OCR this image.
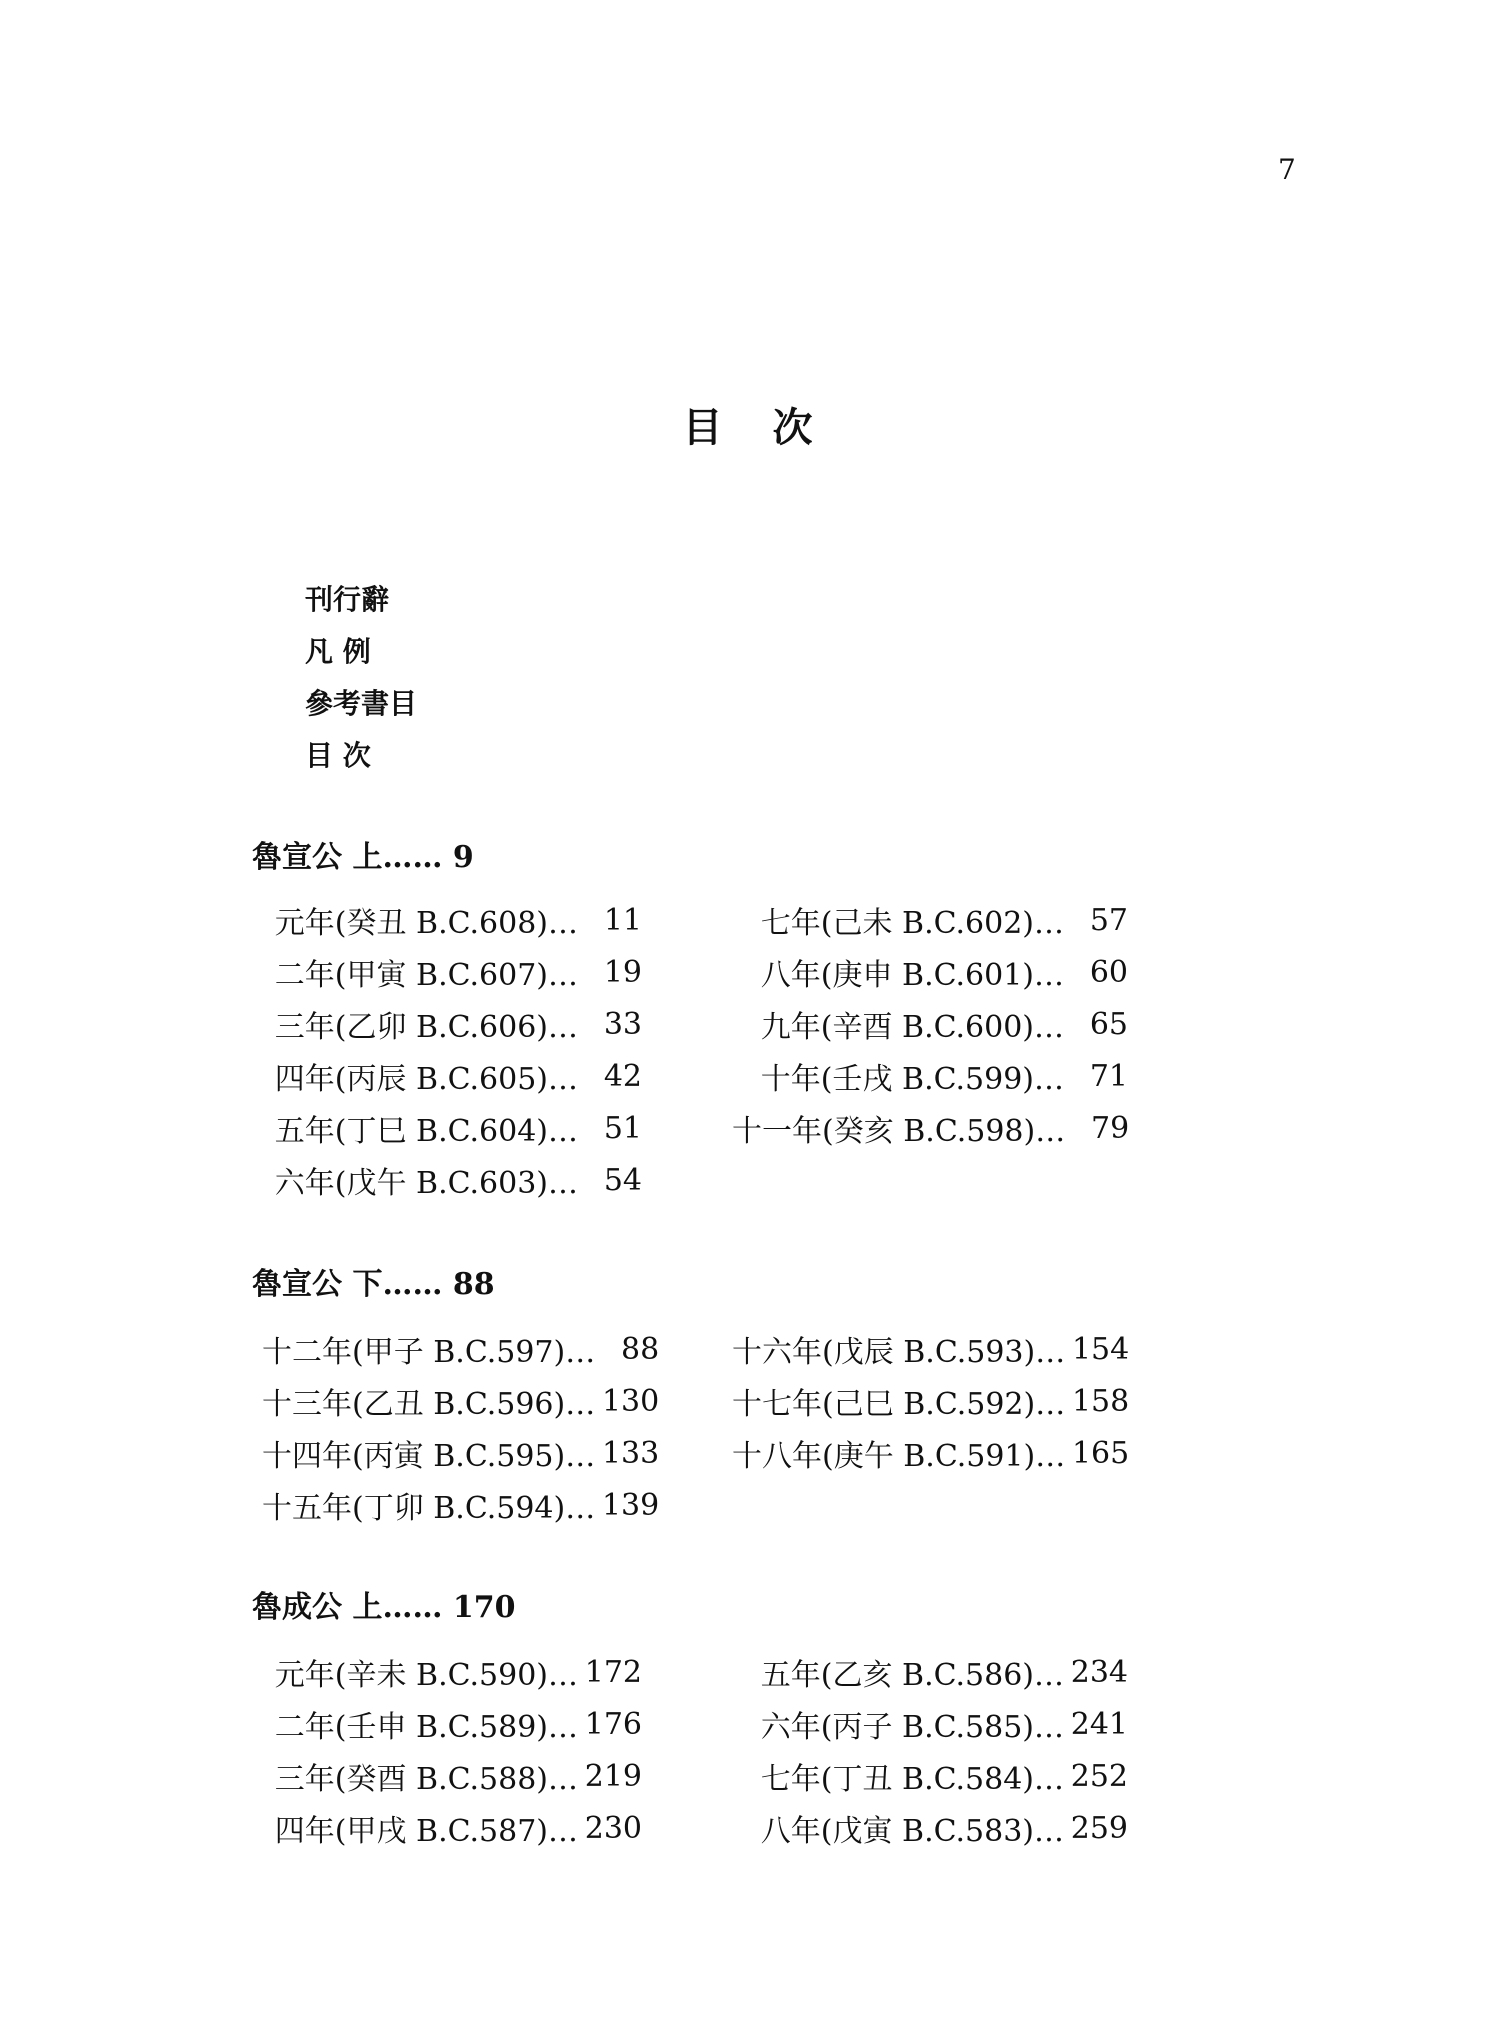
7
目 次
刊行辭
凡 例
參考書目
目 次
魯宣公 上…… 9
元年(癸丑 B.C.608)… 11
二年(甲寅 B.C.607)… 19
三年(乙卯 B.C.606)… 33
四年(丙辰 B.C.605)… 42
五年(丁巳 B.C.604)… 51
六年(戊午 B.C.603)… 54
七年(己未 B.C.602)… 57
八年(庚申 B.C.601)… 60
九年(辛酉 B.C.600)… 65
十年(壬戌 B.C.599)… 71
十一年(癸亥 B.C.598)… 79
魯宣公 下…… 88
十二年(甲子 B.C.597)… 88
十三年(乙丑 B.C.596)… 130
十四年(丙寅 B.C.595)… 133
十五年(丁卯 B.C.594)… 139
十六年(戊辰 B.C.593)… 154
十七年(己巳 B.C.592)… 158
十八年(庚午 B.C.591)… 165
魯成公 上…… 170
元年(辛未 B.C.590)… 172
二年(壬申 B.C.589)… 176
三年(癸酉 B.C.588)… 219
四年(甲戌 B.C.587)… 230
五年(乙亥 B.C.586)… 234
六年(丙子 B.C.585)… 241
七年(丁丑 B.C.584)… 252
八年(戊寅 B.C.583)… 259
